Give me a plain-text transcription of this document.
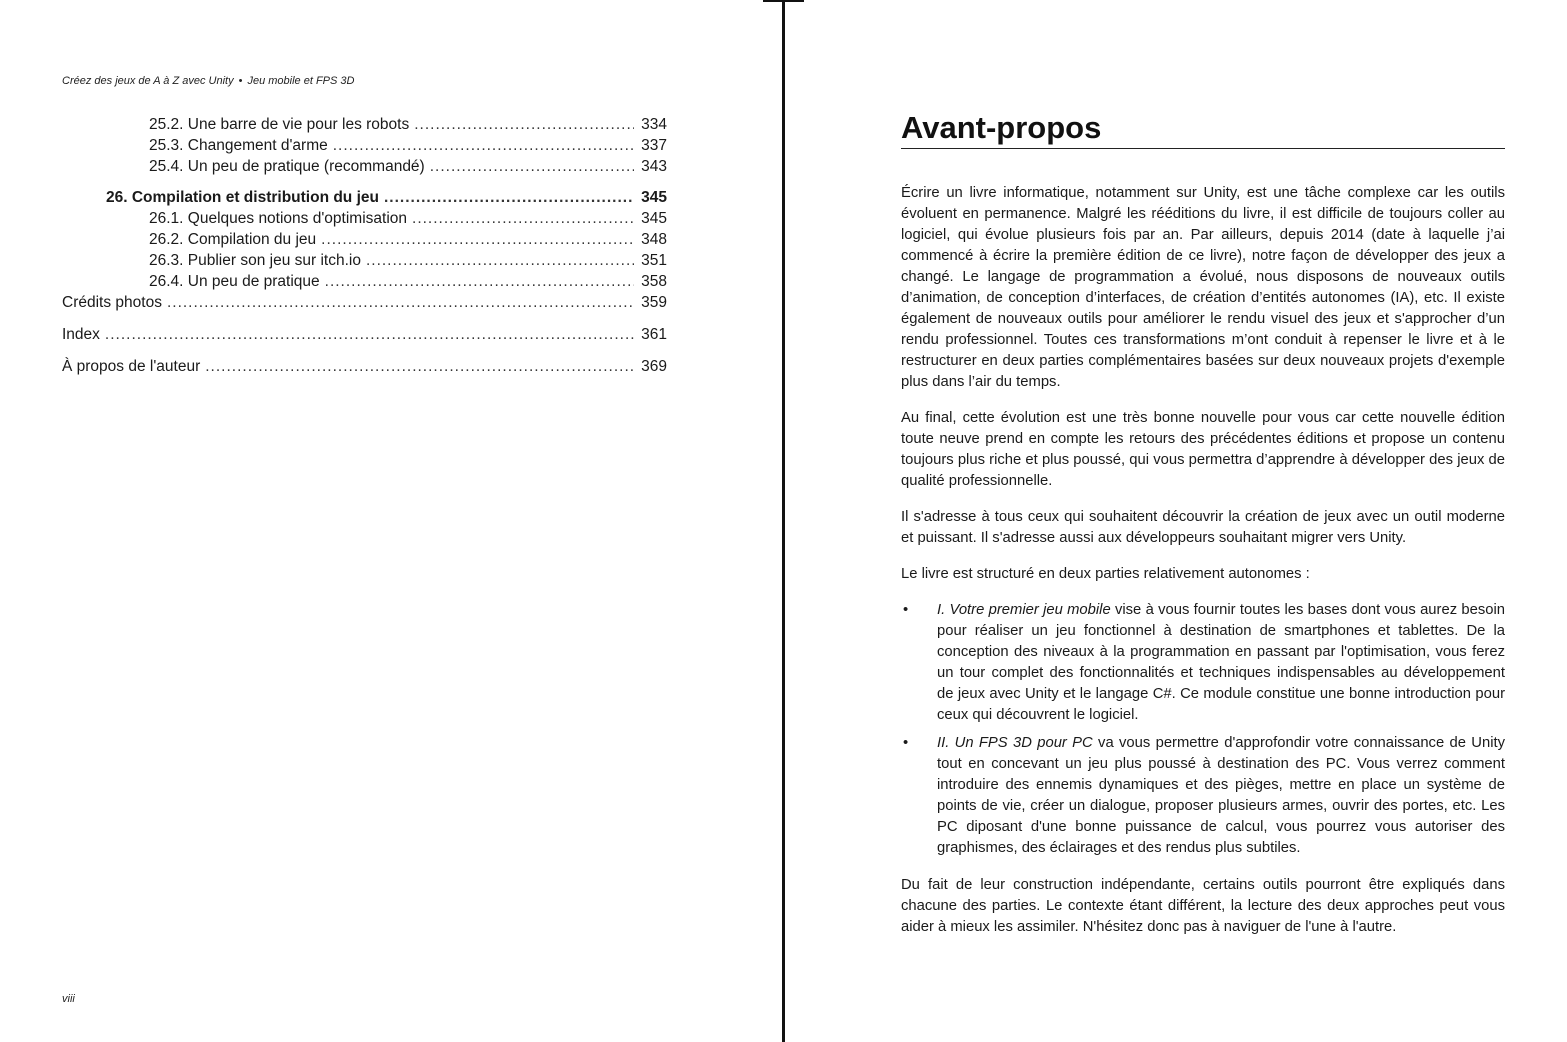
Créez des jeux de A à Z avec Unity • Jeu mobile et FPS 3D
25.2. Une barre de vie pour les robots .....	334
25.3. Changement d'arme .....	337
25.4. Un peu de pratique (recommandé) .....	343
26. Compilation et distribution du jeu .....	345
26.1. Quelques notions d'optimisation .....	345
26.2. Compilation du jeu .....	348
26.3. Publier son jeu sur itch.io .....	351
26.4. Un peu de pratique .....	358
Crédits photos .....	359
Index .....	361
À propos de l'auteur .....	369
viii
Avant-propos

Écrire un livre informatique, notamment sur Unity, est une tâche complexe car les outils évoluent en permanence. Malgré les rééditions du livre, il est difficile de toujours coller au logiciel, qui évolue plusieurs fois par an. Par ailleurs, depuis 2014 (date à laquelle j’ai commencé à écrire la première édition de ce livre), notre façon de développer des jeux a changé. Le langage de programmation a évolué, nous disposons de nouveaux outils d’animation, de conception d’interfaces, de création d’entités autonomes (IA), etc. Il existe également de nouveaux outils pour améliorer le rendu visuel des jeux et s'approcher d’un rendu professionnel. Toutes ces transformations m’ont conduit à repenser le livre et à le restructurer en deux parties complémentaires basées sur deux nouveaux projets d'exemple plus dans l’air du temps.

Au final, cette évolution est une très bonne nouvelle pour vous car cette nouvelle édition toute neuve prend en compte les retours des précédentes éditions et propose un contenu toujours plus riche et plus poussé, qui vous permettra d’apprendre à développer des jeux de qualité professionnelle.

Il s'adresse à tous ceux qui souhaitent découvrir la création de jeux avec un outil moderne et puissant. Il s'adresse aussi aux développeurs souhaitant migrer vers Unity.

Le livre est structuré en deux parties relativement autonomes :

• I. Votre premier jeu mobile vise à vous fournir toutes les bases dont vous aurez besoin pour réaliser un jeu fonctionnel à destination de smartphones et tablettes. De la conception des niveaux à la programmation en passant par l'optimisation, vous ferez un tour complet des fonctionnalités et techniques indispensables au développement de jeux avec Unity et le langage C#. Ce module constitue une bonne introduction pour ceux qui découvrent le logiciel.
• II. Un FPS 3D pour PC va vous permettre d'approfondir votre connaissance de Unity tout en concevant un jeu plus poussé à destination des PC. Vous verrez comment introduire des ennemis dynamiques et des pièges, mettre en place un système de points de vie, créer un dialogue, proposer plusieurs armes, ouvrir des portes, etc. Les PC diposant d'une bonne puissance de calcul, vous pourrez vous autoriser des graphismes, des éclairages et des rendus plus subtiles.

Du fait de leur construction indépendante, certains outils pourront être expliqués dans chacune des parties. Le contexte étant différent, la lecture des deux approches peut vous aider à mieux les assimiler. N'hésitez donc pas à naviguer de l'une à l'autre.
